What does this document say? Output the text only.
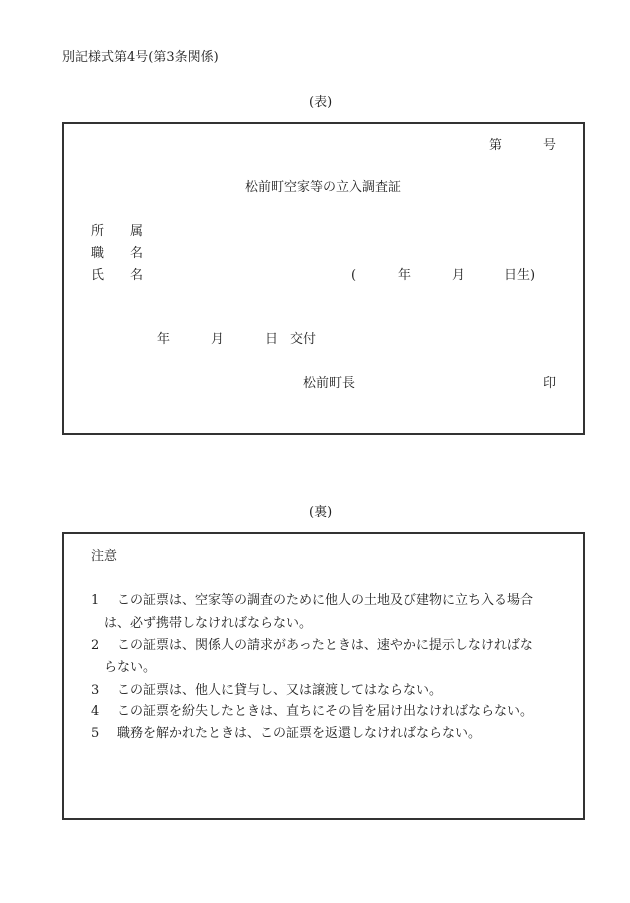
別記様式第4号(第3条関係)
(表)
第	号
松前町空家等の立入調査証
所 属
職 名
氏 名	(	年	月	日生)
年	月	日 交付
松前町長	印
(裏)
注意
1 この証票は、空家等の調査のために他人の土地及び建物に立ち入る場合
は、必ず携帯しなければならない。
2 この証票は、関係人の請求があったときは、速やかに提示しなければな
らない。
3 この証票は、他人に貸与し、又は譲渡してはならない。
4 この証票を紛失したときは、直ちにその旨を届け出なければならない。
5 職務を解かれたときは、この証票を返還しなければならない。
